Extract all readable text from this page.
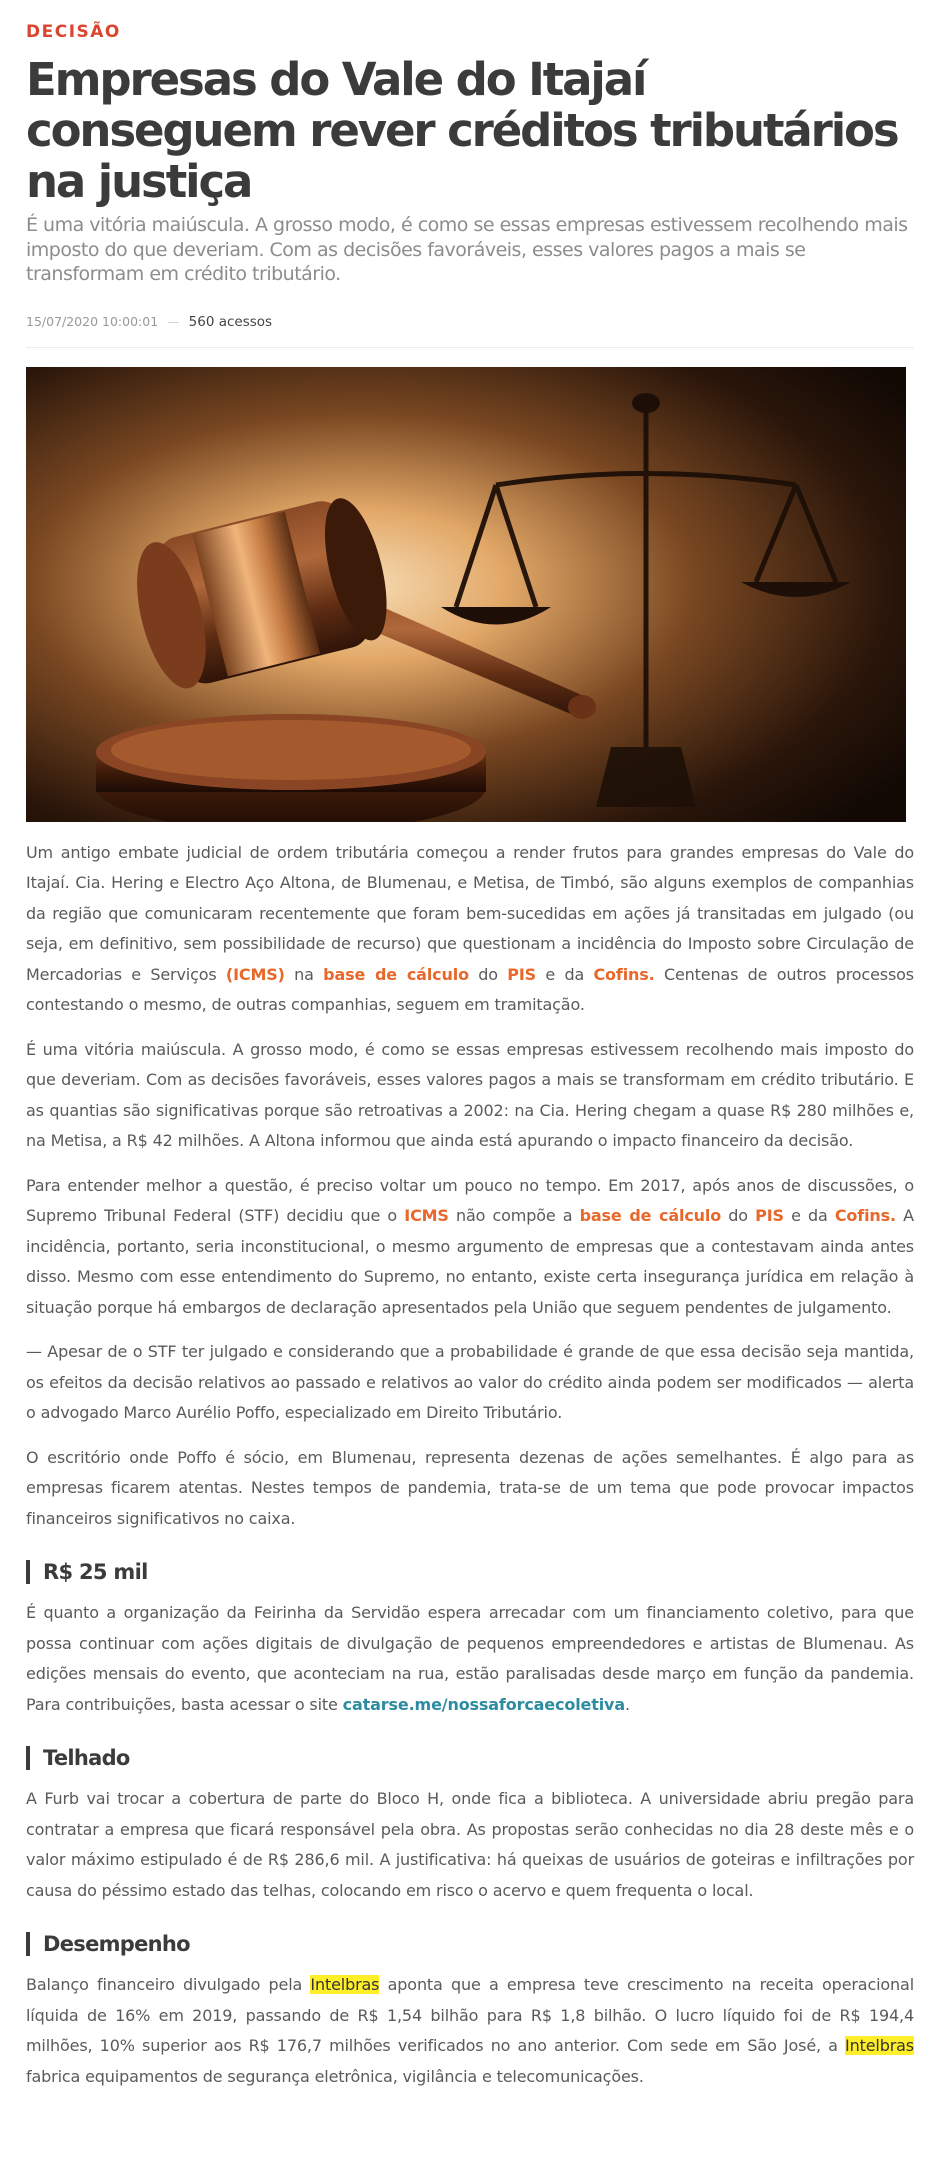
DECISÃO
Empresas do Vale do Itajaí conseguem rever créditos tributários na justiça
É uma vitória maiúscula. A grosso modo, é como se essas empresas estivessem recolhendo mais imposto do que deveriam. Com as decisões favoráveis, esses valores pagos a mais se transformam em crédito tributário.
15/07/2020 10:00:01 — 560 acessos

Um antigo embate judicial de ordem tributária começou a render frutos para grandes empresas do Vale do Itajaí. Cia. Hering e Electro Aço Altona, de Blumenau, e Metisa, de Timbó, são alguns exemplos de companhias da região que comunicaram recentemente que foram bem-sucedidas em ações já transitadas em julgado (ou seja, em definitivo, sem possibilidade de recurso) que questionam a incidência do Imposto sobre Circulação de Mercadorias e Serviços (ICMS) na base de cálculo do PIS e da Cofins. Centenas de outros processos contestando o mesmo, de outras companhias, seguem em tramitação.

É uma vitória maiúscula. A grosso modo, é como se essas empresas estivessem recolhendo mais imposto do que deveriam. Com as decisões favoráveis, esses valores pagos a mais se transformam em crédito tributário. E as quantias são significativas porque são retroativas a 2002: na Cia. Hering chegam a quase R$ 280 milhões e, na Metisa, a R$ 42 milhões. A Altona informou que ainda está apurando o impacto financeiro da decisão.

Para entender melhor a questão, é preciso voltar um pouco no tempo. Em 2017, após anos de discussões, o Supremo Tribunal Federal (STF) decidiu que o ICMS não compõe a base de cálculo do PIS e da Cofins. A incidência, portanto, seria inconstitucional, o mesmo argumento de empresas que a contestavam ainda antes disso. Mesmo com esse entendimento do Supremo, no entanto, existe certa insegurança jurídica em relação à situação porque há embargos de declaração apresentados pela União que seguem pendentes de julgamento.

— Apesar de o STF ter julgado e considerando que a probabilidade é grande de que essa decisão seja mantida, os efeitos da decisão relativos ao passado e relativos ao valor do crédito ainda podem ser modificados — alerta o advogado Marco Aurélio Poffo, especializado em Direito Tributário.

O escritório onde Poffo é sócio, em Blumenau, representa dezenas de ações semelhantes. É algo para as empresas ficarem atentas. Nestes tempos de pandemia, trata-se de um tema que pode provocar impactos financeiros significativos no caixa.

R$ 25 mil

É quanto a organização da Feirinha da Servidão espera arrecadar com um financiamento coletivo, para que possa continuar com ações digitais de divulgação de pequenos empreendedores e artistas de Blumenau. As edições mensais do evento, que aconteciam na rua, estão paralisadas desde março em função da pandemia. Para contribuições, basta acessar o site catarse.me/nossaforcaecoletiva.

Telhado

A Furb vai trocar a cobertura de parte do Bloco H, onde fica a biblioteca. A universidade abriu pregão para contratar a empresa que ficará responsável pela obra. As propostas serão conhecidas no dia 28 deste mês e o valor máximo estipulado é de R$ 286,6 mil. A justificativa: há queixas de usuários de goteiras e infiltrações por causa do péssimo estado das telhas, colocando em risco o acervo e quem frequenta o local.

Desempenho

Balanço financeiro divulgado pela Intelbras aponta que a empresa teve crescimento na receita operacional líquida de 16% em 2019, passando de R$ 1,54 bilhão para R$ 1,8 bilhão. O lucro líquido foi de R$ 194,4 milhões, 10% superior aos R$ 176,7 milhões verificados no ano anterior. Com sede em São José, a Intelbras fabrica equipamentos de segurança eletrônica, vigilância e telecomunicações.
